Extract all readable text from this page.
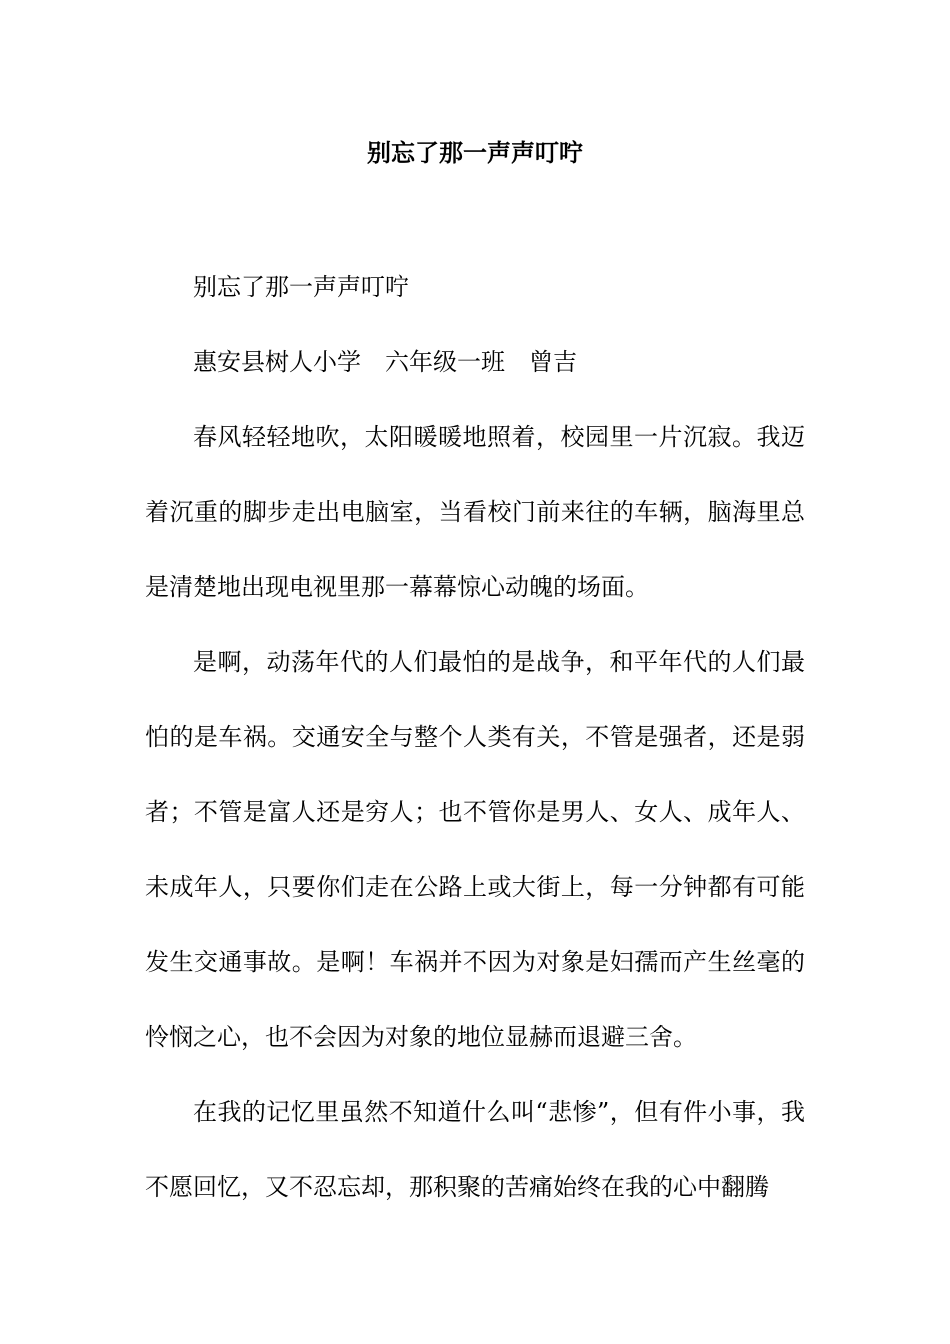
别忘了那一声声叮咛

别忘了那一声声叮咛

惠安县树人小学　六年级一班　曾吉

春风轻轻地吹，太阳暖暖地照着，校园里一片沉寂。我迈着沉重的脚步走出电脑室，当看校门前来往的车辆，脑海里总是清楚地出现电视里那一幕幕惊心动魄的场面。

是啊，动荡年代的人们最怕的是战争，和平年代的人们最怕的是车祸。交通安全与整个人类有关，不管是强者，还是弱者；不管是富人还是穷人；也不管你是男人、女人、成年人、未成年人，只要你们走在公路上或大街上，每一分钟都有可能发生交通事故。是啊！车祸并不因为对象是妇孺而产生丝毫的怜悯之心，也不会因为对象的地位显赫而退避三舍。

在我的记忆里虽然不知道什么叫“悲惨”，但有件小事，我不愿回忆，又不忍忘却，那积聚的苦痛始终在我的心中翻腾
